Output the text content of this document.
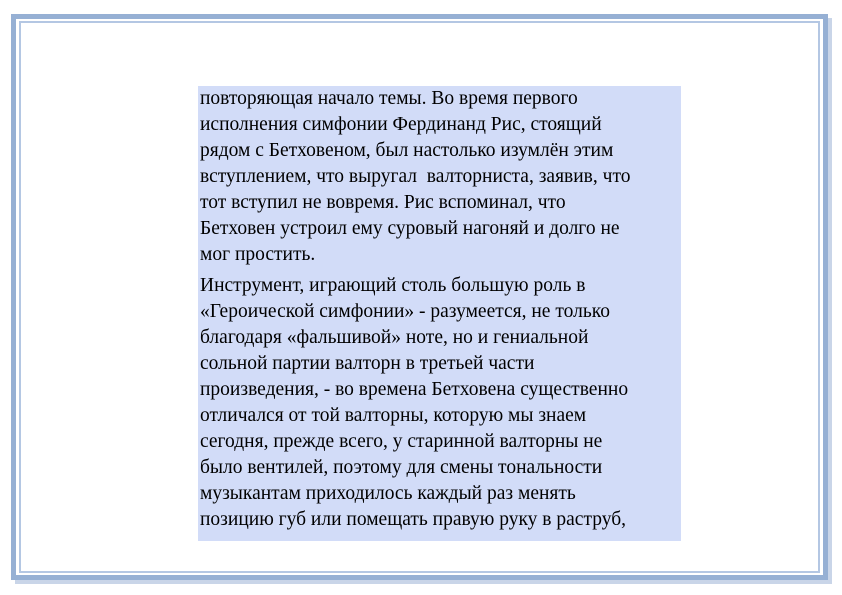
повторяющая начало темы. Во время первого
исполнения симфонии Фердинанд Рис, стоящий
рядом с Бетховеном, был настолько изумлён этим
вступлением, что выругал  валторниста, заявив, что
тот вступил не вовремя. Рис вспоминал, что
Бетховен устроил ему суровый нагоняй и долго не
мог простить.

Инструмент, играющий столь большую роль в
«Героической симфонии» - разумеется, не только
благодаря «фальшивой» ноте, но и гениальной
сольной партии валторн в третьей части
произведения, - во времена Бетховена существенно
отличался от той валторны, которую мы знаем
сегодня, прежде всего, у старинной валторны не
было вентилей, поэтому для смены тональности
музыкантам приходилось каждый раз менять
позицию губ или помещать правую руку в раструб,
